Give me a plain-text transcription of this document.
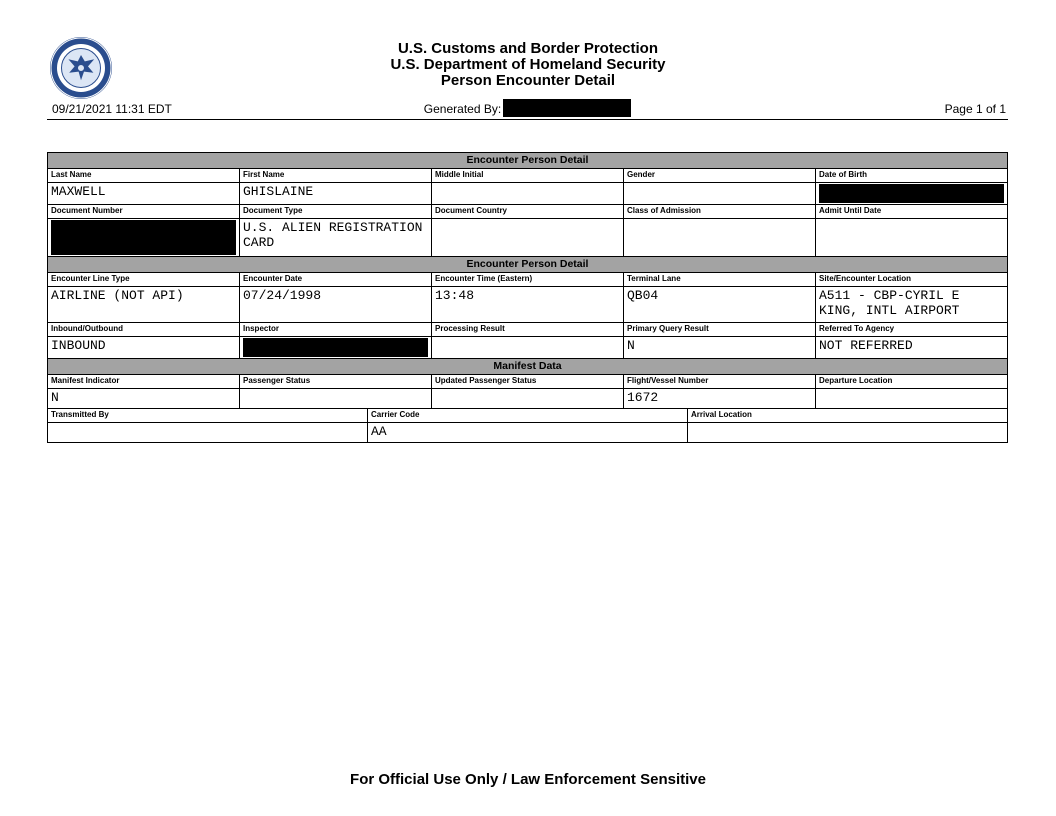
U.S. Customs and Border Protection
U.S. Department of Homeland Security
Person Encounter Detail
09/21/2021 11:31 EDT	Generated By:	Page 1 of 1
Encounter Person Detail						
Last Name	First Name		Middle Initial	Gender		Date of Birth
MAXWELL	GHISLAINE					

Document Number	Document Type		Document Country	Class of Admission		Admit Until Date

	U.S. ALIEN REGISTRATION CARD					
Encounter Person Detail						
Encounter Line Type	Encounter Date		Encounter Time (Eastern)	Terminal Lane		Site/Encounter Location
AIRLINE (NOT API)	07/24/1998		13:48	QB04		A511 - CBP-CYRIL E KING, INTL AIRPORT
Inbound/Outbound	Inspector		Processing Result	Primary Query Result		Referred To Agency
INBOUND				N		NOT REFERRED
Manifest Data						
Manifest Indicator	Passenger Status		Updated Passenger Status	Flight/Vessel Number		Departure Location
N				1672		
Transmitted By		Carrier Code			Arrival Location	
		AA				
For Official Use Only / Law Enforcement Sensitive
